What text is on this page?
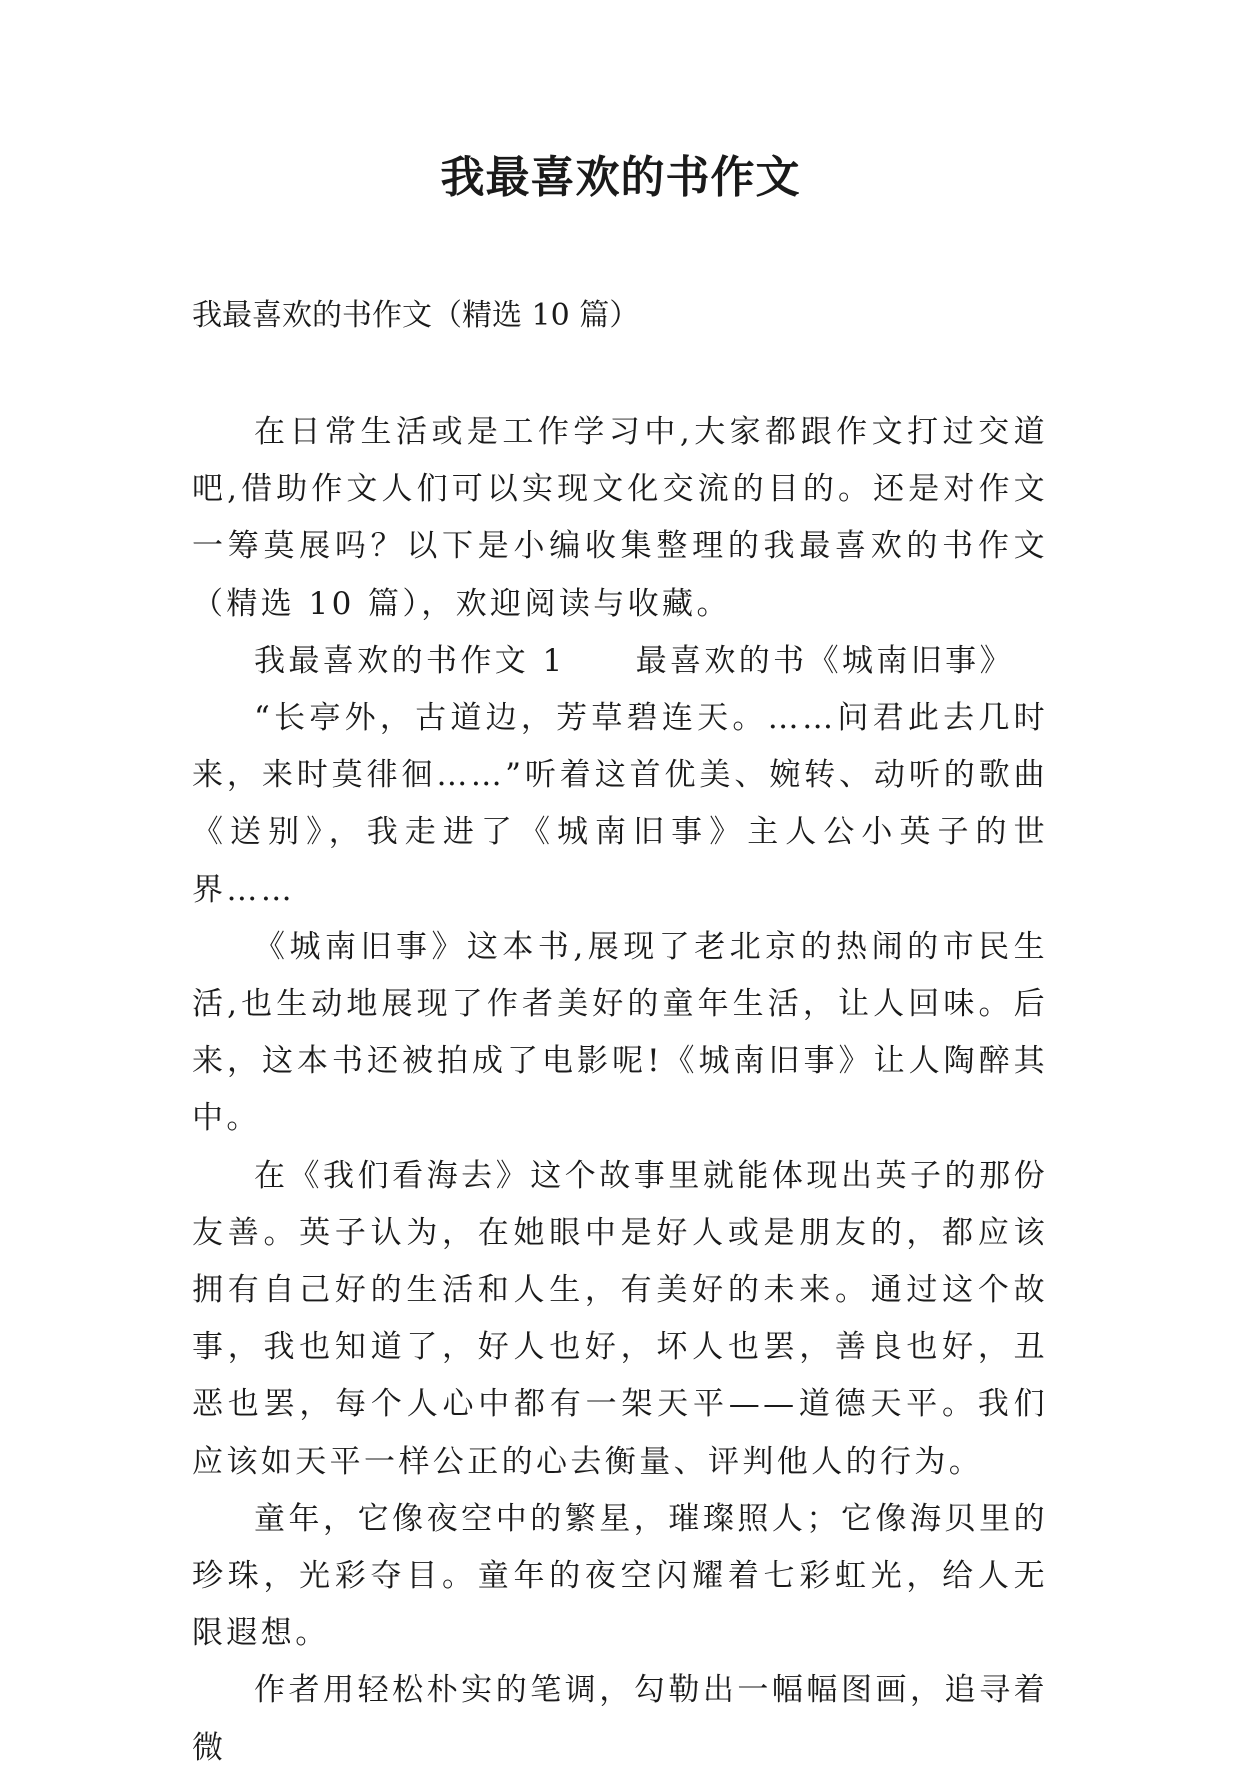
我最喜欢的书作文
我最喜欢的书作文（精选 10 篇）

在日常生活或是工作学习中,大家都跟作文打过交道吧,借助作文人们可以实现文化交流的目的。还是对作文一筹莫展吗？以下是小编收集整理的我最喜欢的书作文（精选 10 篇），欢迎阅读与收藏。

我最喜欢的书作文 1 最喜欢的书《城南旧事》

“长亭外，古道边，芳草碧连天。……问君此去几时来，来时莫徘徊……”听着这首优美、婉转、动听的歌曲《送别》，我走进了《城南旧事》主人公小英子的世界……

《城南旧事》这本书,展现了老北京的热闹的市民生活,也生动地展现了作者美好的童年生活，让人回味。后来，这本书还被拍成了电影呢!《城南旧事》让人陶醉其中。

在《我们看海去》这个故事里就能体现出英子的那份友善。英子认为，在她眼中是好人或是朋友的，都应该拥有自己好的生活和人生，有美好的未来。通过这个故事，我也知道了，好人也好，坏人也罢，善良也好，丑恶也罢，每个人心中都有一架天平——道德天平。我们应该如天平一样公正的心去衡量、评判他人的行为。

童年，它像夜空中的繁星，璀璨照人；它像海贝里的珍珠，光彩夺目。童年的夜空闪耀着七彩虹光，给人无限遐想。

作者用轻松朴实的笔调，勾勒出一幅幅图画，追寻着微
